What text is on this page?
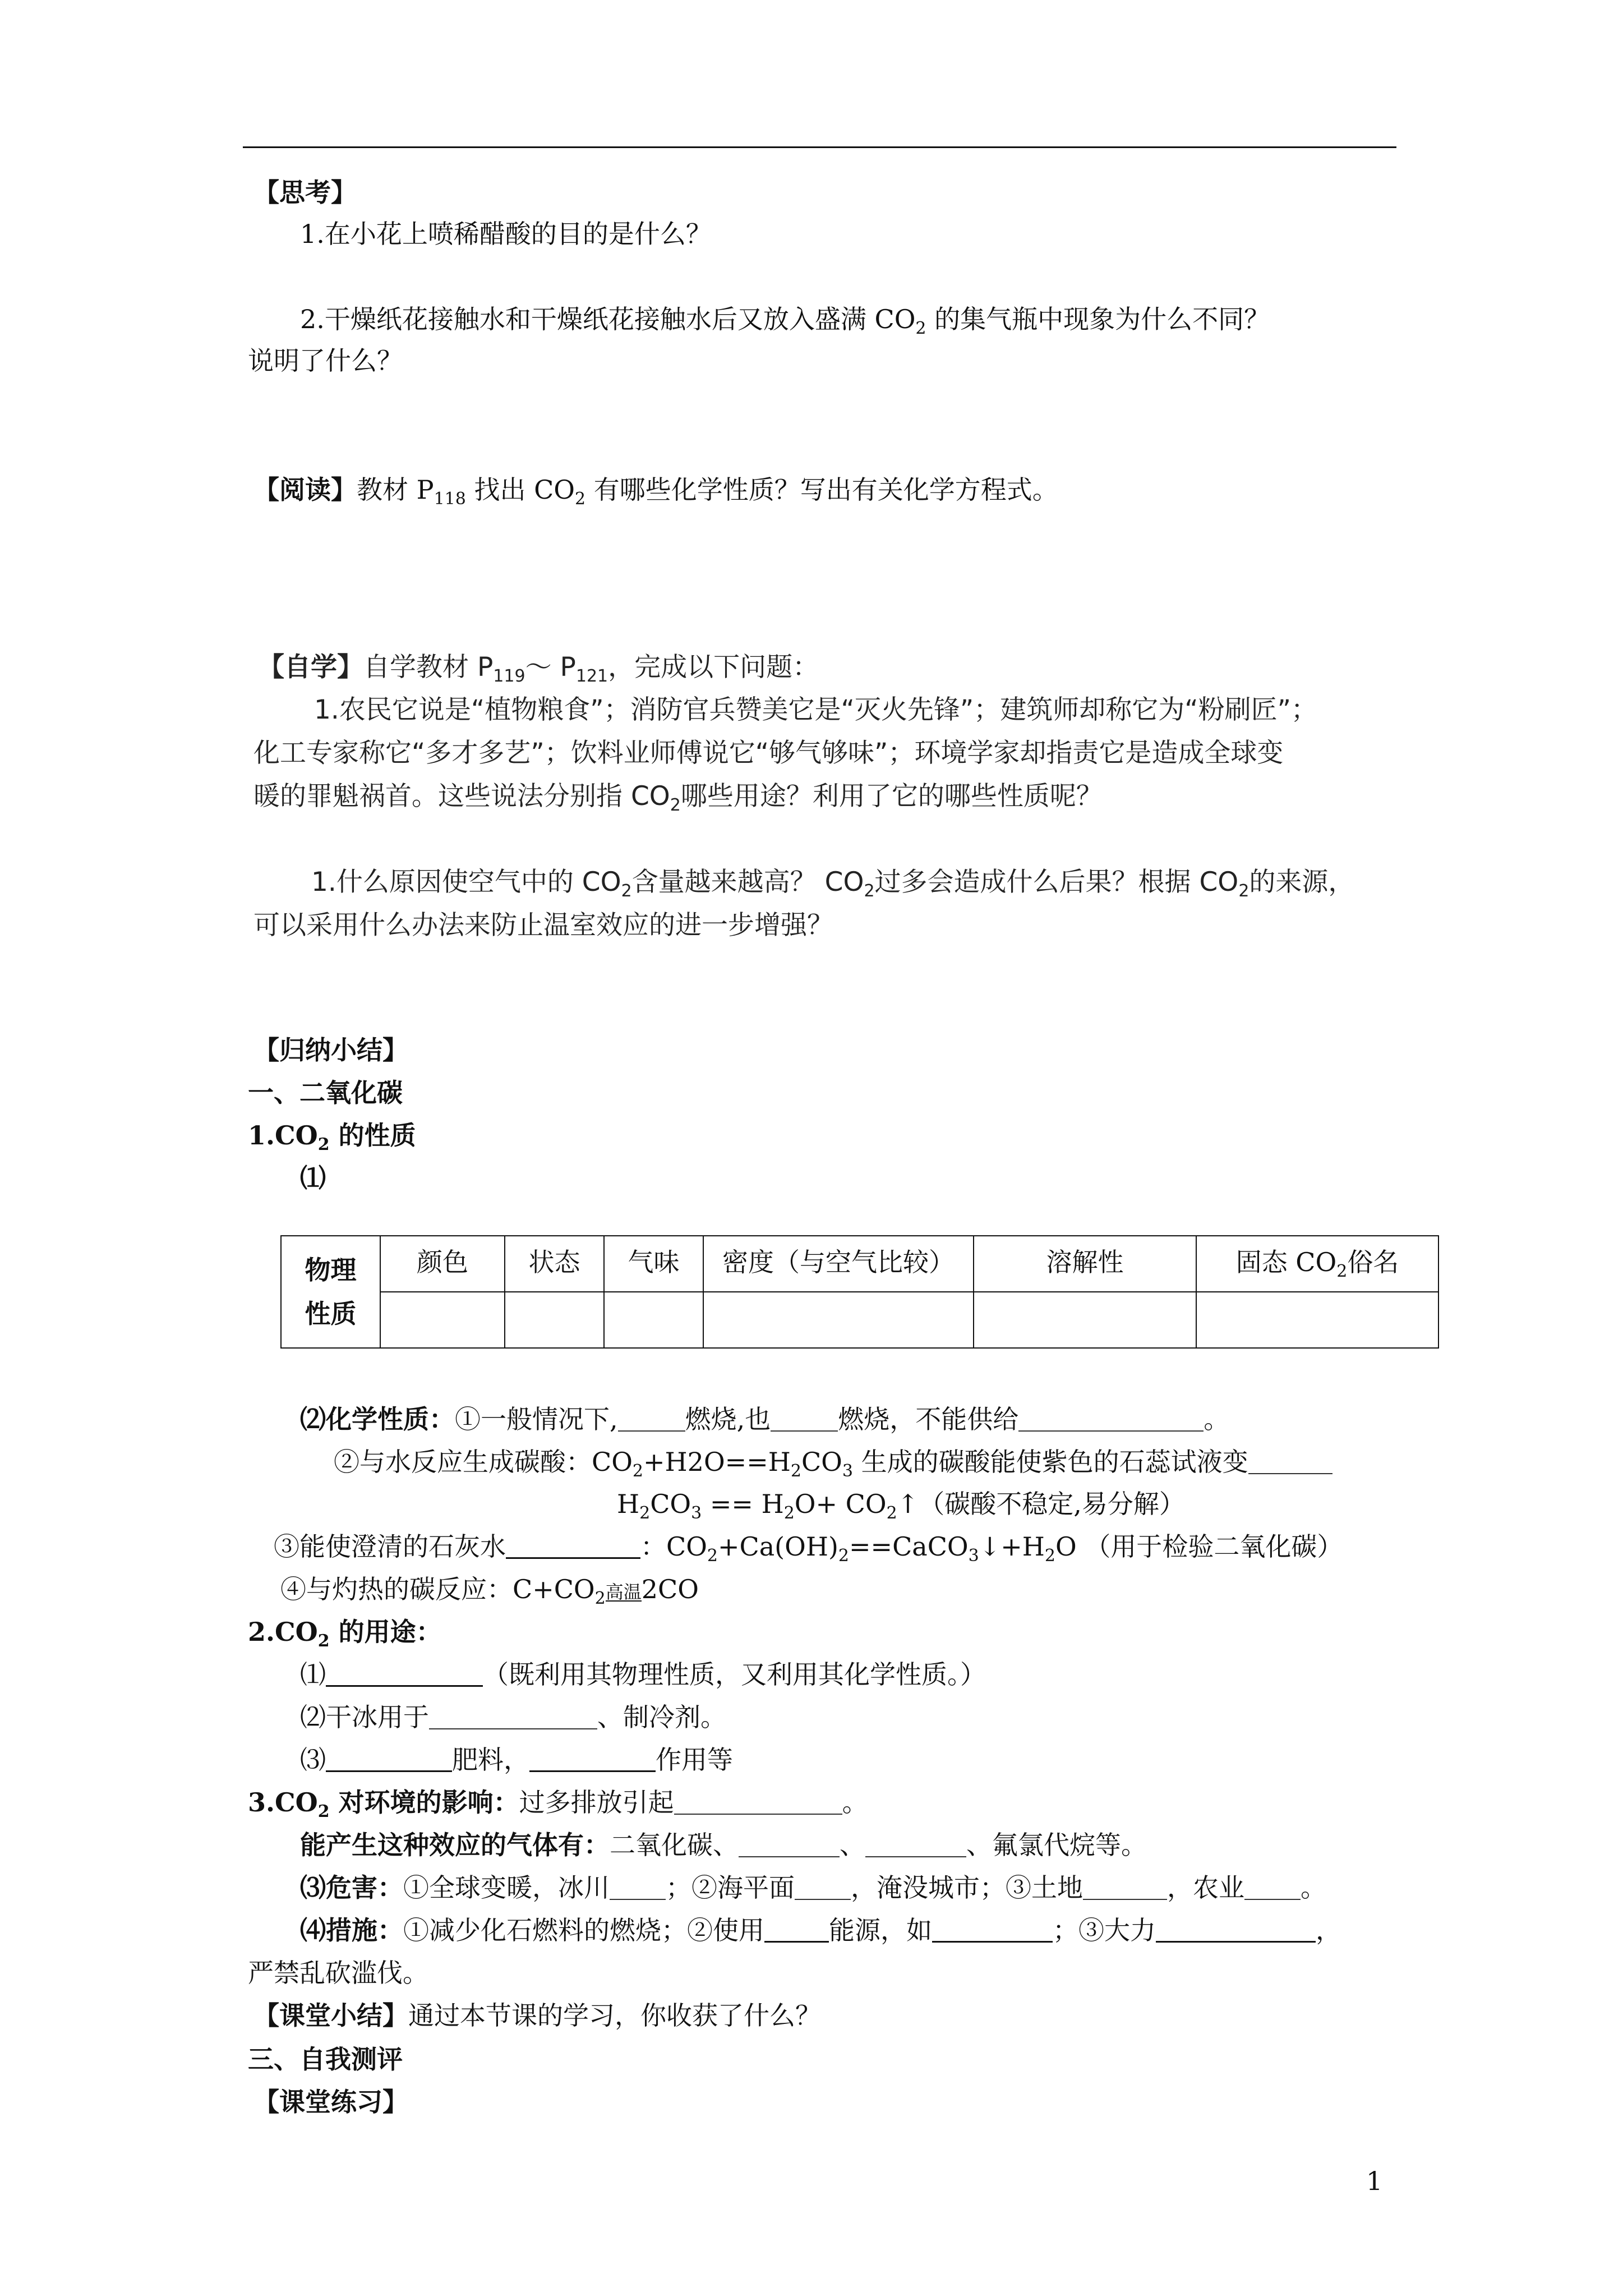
【思考】
1.在小花上喷稀醋酸的目的是什么？
2.干燥纸花接触水和干燥纸花接触水后又放入盛满 $CO_2$ 的集气瓶中现象为什么不同？
说明了什么？
【阅读】教材 $P_{118}$ 找出 $CO_2$ 有哪些化学性质？写出有关化学方程式。
【自学】自学教材 $P_{119}\sim$ $P_{121}$，完成以下问题：
1.农民它说是“植物粮食”；消防官兵赞美它是“灭火先锋”；建筑师却称它为“粉刷匠”；
化工专家称它“多才多艺”；饮料业师傅说它“够气够味”；环境学家却指责它是造成全球变
暖的罪魁祸首。这些说法分别指 $CO_2$哪些用途？利用了它的哪些性质呢？
1.什么原因使空气中的 $CO_2$含量越来越高？ $CO_2$过多会造成什么后果？根据 $CO_2$的来源，
可以采用什么办法来防止温室效应的进一步增强？
【归纳小结】
一、二氧化碳
$1.CO_2$ 的性质
⑴
物理
性质	颜色	状态	气味	密度（与空气比较）	溶解性	固态 $CO_2$俗名

⑵化学性质：①一般情况下,	燃烧,也	燃烧，不能供给	。
②与水反应生成碳酸：$CO_2+H2O==H_2CO_3$ 生成的碳酸能使紫色的石蕊试液变
$H_2CO_3 == H_2O+$ $CO_2↑$（碳酸不稳定,易分解）
③能使澄清的石灰水	：$CO_2+Ca(OH)_2==CaCO_3↓+H_2O$ （用于检验二氧化碳）
④与灼热的碳反应：$C+CO_2$高温2CO
$2.CO_2$ 的用途：
⑴	（既利用其物理性质，又利用其化学性质。）
⑵干冰用于	、制冷剂。
⑶	肥料，	作用等
$3.CO_2$ 对环境的影响：过多排放引起	。
能产生这种效应的气体有：二氧化碳、	、	、氟氯代烷等。
⑶危害：①全球变暖，冰川 ；②海平面 ，淹没城市；③土地	，农业 。
⑷措施：①减少化石燃料的燃烧；②使用	能源，如	；③大力	，
严禁乱砍滥伐。
【课堂小结】通过本节课的学习，你收获了什么？
三、自我测评
【课堂练习】
1
